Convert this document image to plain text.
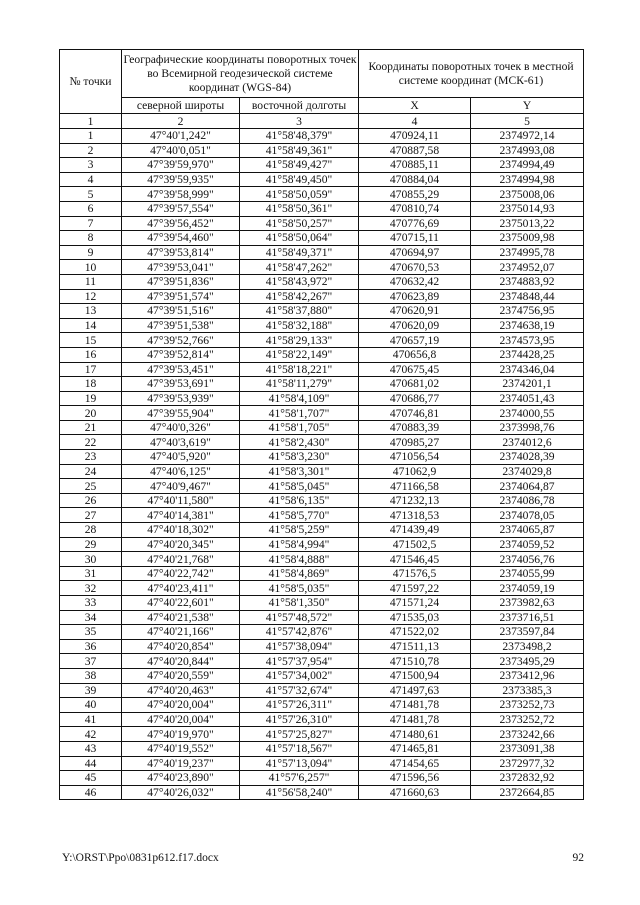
№ точки	Географические координаты поворотных точек во Всемирной геодезической системе координат (WGS-84)		Координаты поворотных точек в местной системе координат (МСК-61)	
	северной широты	восточной долготы	X	Y
1	2	3	4	5
1	47°40'1,242"	41°58'48,379"	470924,11	2374972,14
2	47°40'0,051"	41°58'49,361"	470887,58	2374993,08
3	47°39'59,970"	41°58'49,427"	470885,11	2374994,49
4	47°39'59,935"	41°58'49,450"	470884,04	2374994,98
5	47°39'58,999"	41°58'50,059"	470855,29	2375008,06
6	47°39'57,554"	41°58'50,361"	470810,74	2375014,93
7	47°39'56,452"	41°58'50,257"	470776,69	2375013,22
8	47°39'54,460"	41°58'50,064"	470715,11	2375009,98
9	47°39'53,814"	41°58'49,371"	470694,97	2374995,78
10	47°39'53,041"	41°58'47,262"	470670,53	2374952,07
11	47°39'51,836"	41°58'43,972"	470632,42	2374883,92
12	47°39'51,574"	41°58'42,267"	470623,89	2374848,44
13	47°39'51,516"	41°58'37,880"	470620,91	2374756,95
14	47°39'51,538"	41°58'32,188"	470620,09	2374638,19
15	47°39'52,766"	41°58'29,133"	470657,19	2374573,95
16	47°39'52,814"	41°58'22,149"	470656,8	2374428,25
17	47°39'53,451"	41°58'18,221"	470675,45	2374346,04
18	47°39'53,691"	41°58'11,279"	470681,02	2374201,1
19	47°39'53,939"	41°58'4,109"	470686,77	2374051,43
20	47°39'55,904"	41°58'1,707"	470746,81	2374000,55
21	47°40'0,326"	41°58'1,705"	470883,39	2373998,76
22	47°40'3,619"	41°58'2,430"	470985,27	2374012,6
23	47°40'5,920"	41°58'3,230"	471056,54	2374028,39
24	47°40'6,125"	41°58'3,301"	471062,9	2374029,8
25	47°40'9,467"	41°58'5,045"	471166,58	2374064,87
26	47°40'11,580"	41°58'6,135"	471232,13	2374086,78
27	47°40'14,381"	41°58'5,770"	471318,53	2374078,05
28	47°40'18,302"	41°58'5,259"	471439,49	2374065,87
29	47°40'20,345"	41°58'4,994"	471502,5	2374059,52
30	47°40'21,768"	41°58'4,888"	471546,45	2374056,76
31	47°40'22,742"	41°58'4,869"	471576,5	2374055,99
32	47°40'23,411"	41°58'5,035"	471597,22	2374059,19
33	47°40'22,601"	41°58'1,350"	471571,24	2373982,63
34	47°40'21,538"	41°57'48,572"	471535,03	2373716,51
35	47°40'21,166"	41°57'42,876"	471522,02	2373597,84
36	47°40'20,854"	41°57'38,094"	471511,13	2373498,2
37	47°40'20,844"	41°57'37,954"	471510,78	2373495,29
38	47°40'20,559"	41°57'34,002"	471500,94	2373412,96
39	47°40'20,463"	41°57'32,674"	471497,63	2373385,3
40	47°40'20,004"	41°57'26,311"	471481,78	2373252,73
41	47°40'20,004"	41°57'26,310"	471481,78	2373252,72
42	47°40'19,970"	41°57'25,827"	471480,61	2373242,66
43	47°40'19,552"	41°57'18,567"	471465,81	2373091,38
44	47°40'19,237"	41°57'13,094"	471454,65	2372977,32
45	47°40'23,890"	41°57'6,257"	471596,56	2372832,92
46	47°40'26,032"	41°56'58,240"	471660,63	2372664,85
Y:\ORST\Ppo\0831p612.f17.docx	92
